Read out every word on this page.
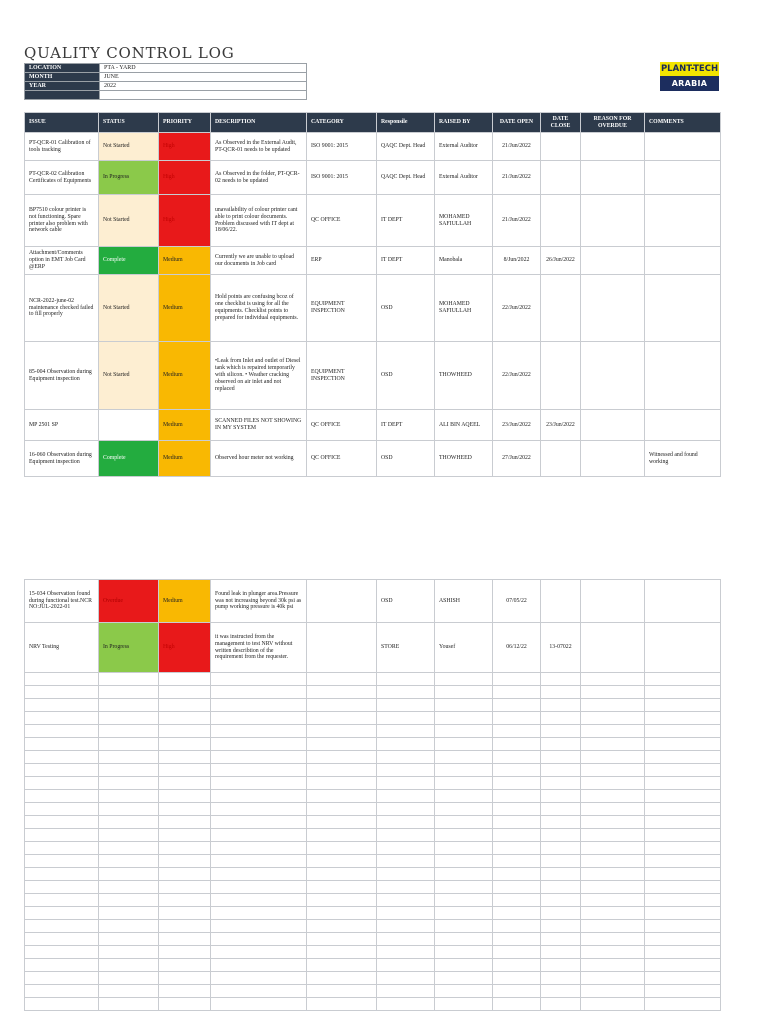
QUALITY CONTROL LOG
LOCATION	PTA - YARD
MONTH	JUNE
YEAR	2022

PLANT-TECH
ARABIA
ISSUE	STATUS	PRIORITY	DESCRIPTION	CATEGORY	Responsile	RAISED BY	DATE OPEN	DATE CLOSE	REASON FOR OVERDUE	COMMENTS
PT-QCR-01 Calibration of tools tracking	Not Started	High	As Observed in the External Audit, PT-QCR-01 needs to be updated	ISO 9001: 2015	QAQC Dept. Head	External Auditor	21/Jun/2022			
PT-QCR-02 Calibration Certificates of Equipments	In Progress	High	As Observed in the folder, PT-QCR-02 needs to be updated	ISO 9001: 2015	QAQC Dept. Head	External Auditor	21/Jun/2022			
BP7510 colour printer is not functioning. Spare printer also problem with network cable	Not Started	High	unavailability of colour printer cant able to print colour documents. Problem discussed with IT dept at 18/06/22.	QC OFFICE	IT DEPT	MOHAMED SAFIULLAH	21/Jun/2022			
Attachment/Comments option in EMT Job Card @ERP	Complete	Medium	Currently we are unable to upload our documents in Job card	ERP	IT DEPT	Manobala	8/Jun/2022	26/Jun/2022		
NCR-2022-june-02 maintenance checked failed to fill properly	Not Started	Medium	Hold points are confusing bcoz of one checklist is using for all the equipments. Checklist points to prepared for individual equipments.	EQUIPMENT INSPECTION	OSD	MOHAMED SAFIULLAH	22/Jun/2022			
85-004 Observation during Equipment inspection	Not Started	Medium	•Leak from Inlet and outlet of Diesel tank which is repaired temporarily with silicon. • Weather cracking observed on air inlet and not replaced	EQUIPMENT INSPECTION	OSD	THOWHEED	22/Jun/2022			
MP 2501 SP		Medium	SCANNED FILES NOT SHOWING IN MY SYSTEM	QC OFFICE	IT DEPT	ALI BIN AQEEL	23/Jun/2022	23/Jun/2022		
16-060 Observation during Equipment inspection	Complete	Medium	Observed hour meter not working	QC OFFICE	OSD	THOWHEED	27/Jun/2022			Witnessed and found working
15-034 Observation found during functional test.NCR NO:JUL-2022-01	Overdue	Medium	Found leak in plunger area.Pressure was not increasing beyond 30k psi as pump working pressure is 40k psi		OSD	ASHISH	07/05/22			
NRV Testing	In Progress	High	it was instructed from the management to test NRV without written describtion of the requirement from the requester.		STORE	Yousef	06/12/22	13-07022		
